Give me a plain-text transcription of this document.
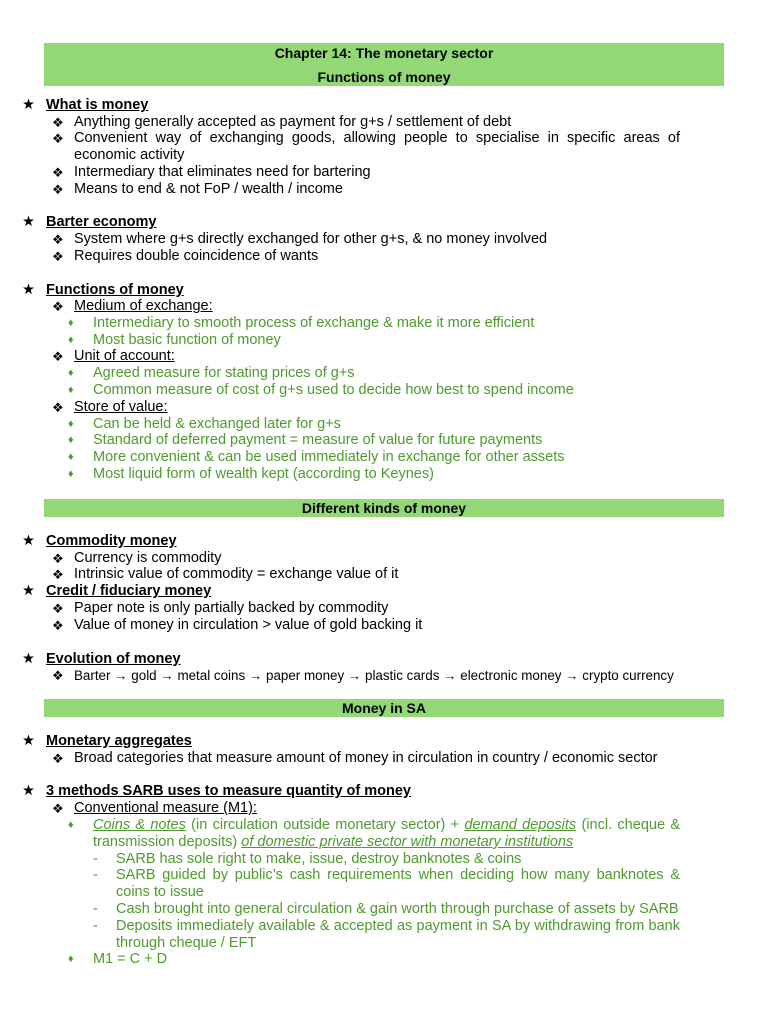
Chapter 14: The monetary sector
Functions of money
★ What is money
❖ Anything generally accepted as payment for g+s / settlement of debt
❖ Convenient way of exchanging goods, allowing people to specialise in specific areas of economic activity
❖ Intermediary that eliminates need for bartering
❖ Means to end & not FoP / wealth / income
★ Barter economy
❖ System where g+s directly exchanged for other g+s, & no money involved
❖ Requires double coincidence of wants
★ Functions of money
❖ Medium of exchange:
♦ Intermediary to smooth process of exchange & make it more efficient
♦ Most basic function of money
❖ Unit of account:
♦ Agreed measure for stating prices of g+s
♦ Common measure of cost of g+s used to decide how best to spend income
❖ Store of value:
♦ Can be held & exchanged later for g+s
♦ Standard of deferred payment = measure of value for future payments
♦ More convenient & can be used immediately in exchange for other assets
♦ Most liquid form of wealth kept (according to Keynes)
Different kinds of money
★ Commodity money
❖ Currency is commodity
❖ Intrinsic value of commodity = exchange value of it
★ Credit / fiduciary money
❖ Paper note is only partially backed by commodity
❖ Value of money in circulation > value of gold backing it
★ Evolution of money
❖ Barter → gold → metal coins → paper money → plastic cards → electronic money → crypto currency
Money in SA
★ Monetary aggregates
❖ Broad categories that measure amount of money in circulation in country / economic sector
★ 3 methods SARB uses to measure quantity of money
❖ Conventional measure (M1):
♦ Coins & notes (in circulation outside monetary sector) + demand deposits (incl. cheque & transmission deposits) of domestic private sector with monetary institutions
- SARB has sole right to make, issue, destroy banknotes & coins
- SARB guided by public’s cash requirements when deciding how many banknotes & coins to issue
- Cash brought into general circulation & gain worth through purchase of assets by SARB
- Deposits immediately available & accepted as payment in SA by withdrawing from bank through cheque / EFT
♦ M1 = C + D
